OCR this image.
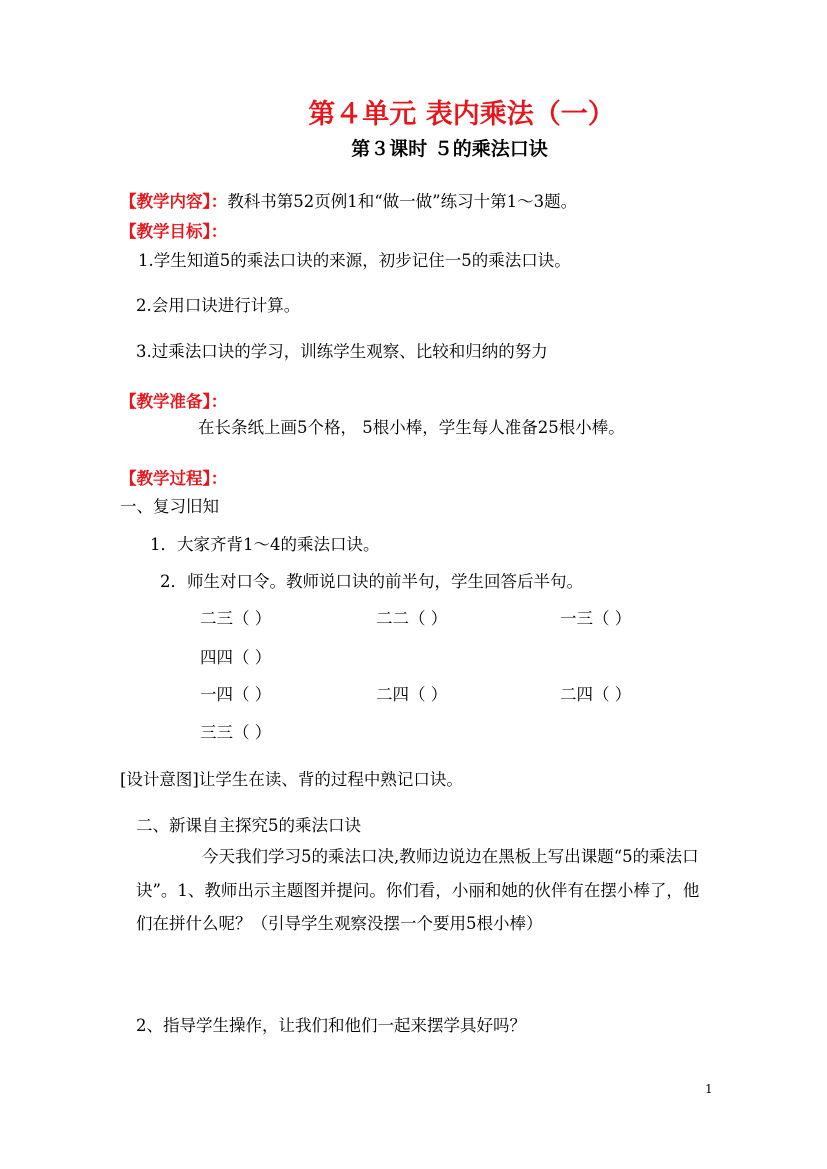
第４单元 表内乘法（一）
第３课时 ５的乘法口诀
【教学内容】：教科书第52页例1和“做一做”练习十第1～3题。
【教学目标】：
1.学生知道5的乘法口诀的来源，初步记住一5的乘法口诀。
2.会用口诀进行计算。
3.过乘法口诀的学习，训练学生观察、比较和归纳的努力
【教学准备】：
在长条纸上画5个格， 5根小棒，学生每人准备25根小棒。
【教学过程】：
一、复习旧知
1．大家齐背1～4的乘法口诀。
2．师生对口令。教师说口诀的前半句，学生回答后半句。
二三（ ）	二二（ ）	一三（ ）
四四（ ）
一四（ ）	二四（ ）	二四（ ）
三三（ ）
[设计意图]让学生在读、背的过程中熟记口诀。
二、新课自主探究5的乘法口诀

今天我们学习5的乘法口决,教师边说边在黑板上写出课题“5的乘法口诀”。1、教师出示主题图并提问。你们看，小丽和她的伙伴有在摆小棒了，他们在拼什么呢？（引导学生观察没摆一个要用5根小棒）

2、指导学生操作，让我们和他们一起来摆学具好吗？
1
